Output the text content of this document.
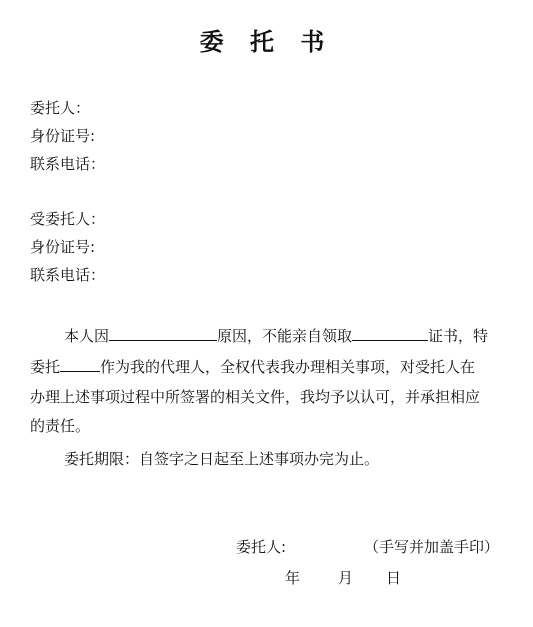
委 托 书
委托人：
身份证号:
联系电话：
受委托人：
身份证号:
联系电话：
本人因	原因，不能亲自领取	证书，特
委托	作为我的代理人，全权代表我办理相关事项，对受托人在
办理上述事项过程中所签署的相关文件，我均予以认可，并承担相应
的责任。
委托期限：自签字之日起至上述事项办完为止。
委托人:	（手写并加盖手印）
年	月 日
